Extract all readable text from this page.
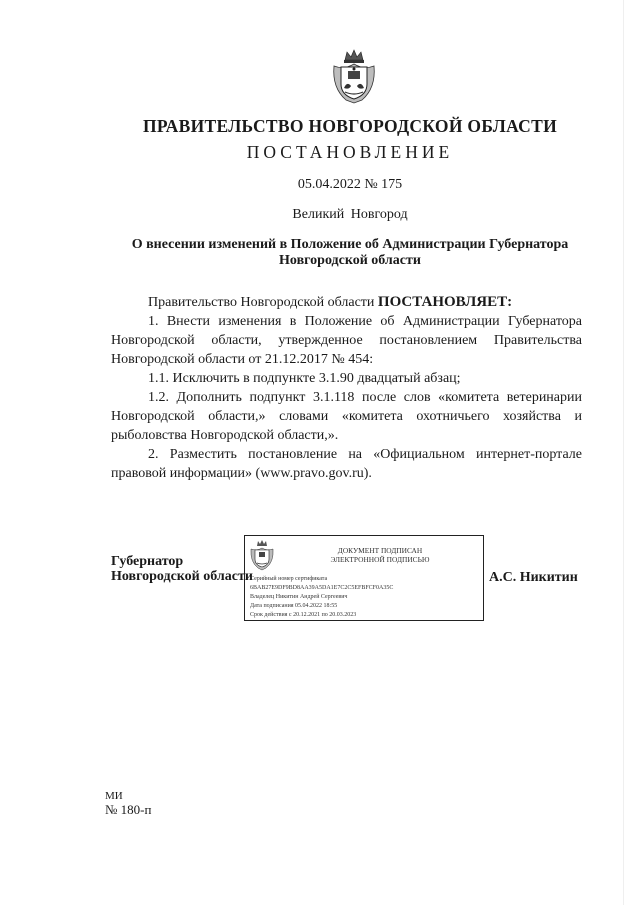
ПРАВИТЕЛЬСТВО НОВГОРОДСКОЙ ОБЛАСТИ
ПОСТАНОВЛЕНИЕ
05.04.2022 № 175
Великий Новгород
О внесении изменений в Положение об Администрации Губернатора Новгородской области

Правительство Новгородской области ПОСТАНОВЛЯЕТ:

1. Внести изменения в Положение об Администрации Губернатора Новгородской области, утвержденное постановлением Правительства Новгородской области от 21.12.2017 № 454:

1.1. Исключить в подпункте 3.1.90 двадцатый абзац;

1.2. Дополнить подпункт 3.1.118 после слов «комитета ветеринарии Новгородской области,» словами «комитета охотничьего хозяйства и рыболовства Новгородской области,».

2. Разместить постановление на «Официальном интернет-портале правовой информации» (www.pravo.gov.ru).

Губернатор
Новгородской области
ДОКУМЕНТ ПОДПИСАН
ЭЛЕКТРОННОЙ ПОДПИСЬЮ
Серийный номер сертификата
6BAB27E9DF9BD8AA39A5DA1E7C2C5EFBFCF0A35C
Владелец Никитин Андрей Сергеевич
Дата подписания 05.04.2022 18:55
Срок действия с 20.12.2021 по 20.03.2023
А.С. Никитин
МИ
№ 180-п
